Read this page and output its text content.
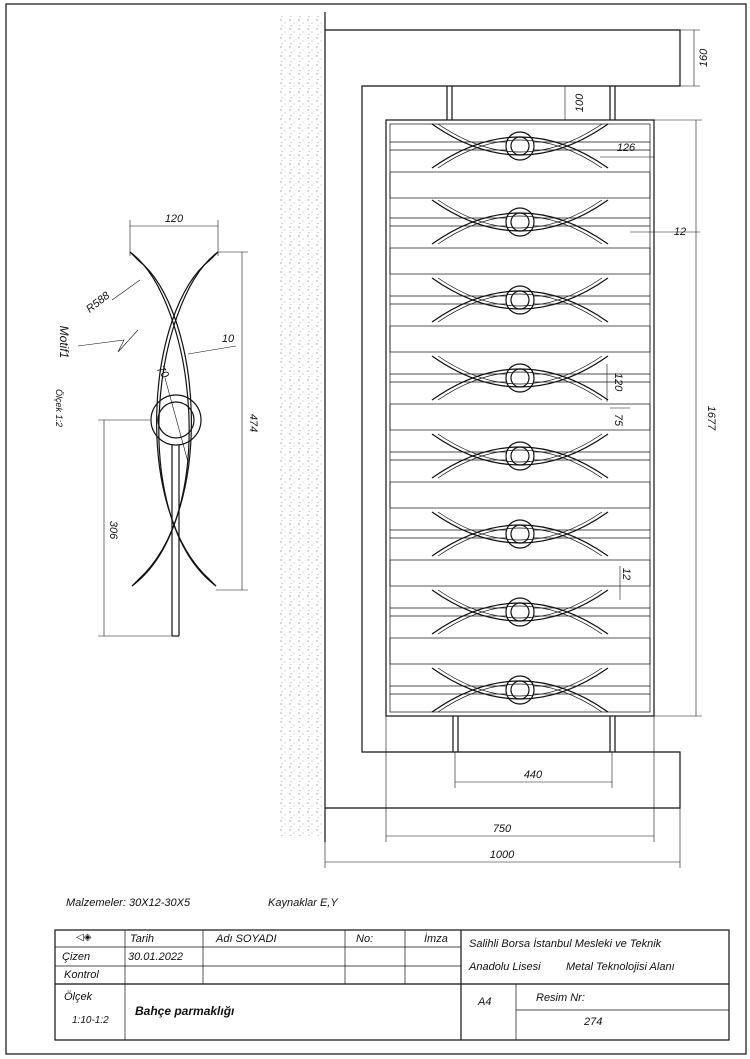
160
100
126
12
1677
120
75
12
440
750
1000
120
R588
474
70
10
306
Motif1
Ölçek 1:2
Malzemeler: 30X12-30X5	Kaynaklar E,Y
◁◈	Tarih	Adı SOYADI	No:	İmza
Çizen	30.01.2022
Kontrol
Salihli Borsa İstanbul Mesleki ve Teknik
Anadolu Lisesi Metal Teknolojisi Alanı
Ölçek
1:10-1:2
Bahçe parmaklığı
A4	Resim Nr:
274
